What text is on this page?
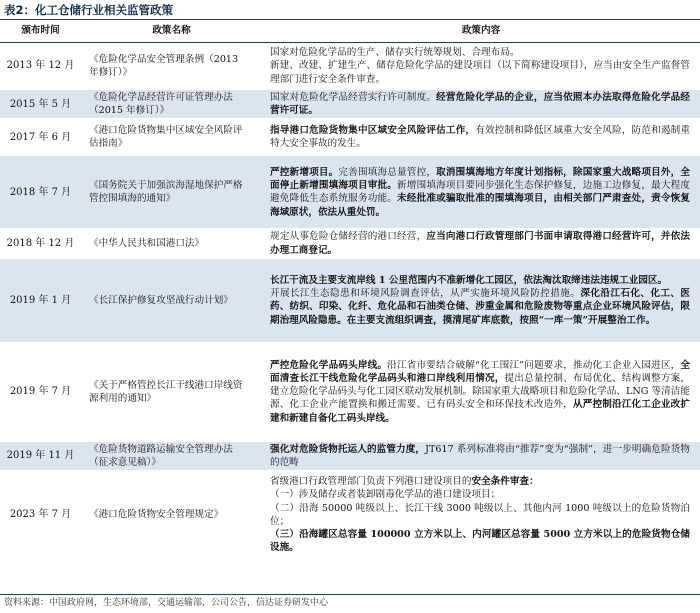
表2：化工仓储行业相关监管政策
颁布时间	政策名称	政策内容
2013 年 12 月	《危险化学品安全管理条例（2013 年修订）》	国家对危险化学品的生产、储存实行统筹规划、合理布局。

新建、改建、扩建生产、储存危险化学品的建设项目（以下简称建设项目），应当由安全生产监督管理部门进行安全条件审查。

2015 年 5 月	《危险化学品经营许可证管理办法（2015 年修订）》	国家对危险化学品经营实行许可制度。经营危险化学品的企业，应当依照本办法取得危险化学品经营许可证。

2017 年 6 月	《港口危险货物集中区域安全风险评估指南》	指导港口危险货物集中区域安全风险评估工作，有效控制和降低区域重大安全风险，防范和遏制重特大安全事故的发生。

2018 年 7 月	《国务院关于加强滨海湿地保护严格管控围填海的通知》	严控新增项目。完善围填海总量管控，取消围填海地方年度计划指标，除国家重大战略项目外，全面停止新增围填海项目审批。新增围填海项目要同步强化生态保护修复，边施工边修复，最大程度避免降低生态系统服务功能。未经批准或骗取批准的围填海项目，由相关部门严肃查处，责令恢复海域原状，依法从重处罚。

2018 年 12 月	《中华人民共和国港口法》	规定从事危险仓储经营的港口经营，应当向港口行政管理部门书面申请取得港口经营许可，并依法办理工商登记。

2019 年 1 月	《长江保护修复攻坚战行动计划》	长江干流及主要支流岸线 1 公里范围内不准新增化工园区，依法淘汰取缔违法违规工业园区。

开展长江生态隐患和环境风险调查评估，从严实施环境风险防控措施。深化沿江石化、化工、医药、纺织、印染、化纤、危化品和石油类仓储、涉重金属和危险废物等重点企业环境风险评估，限期治理风险隐患。在主要支流组织调查，摸清尾矿库底数，按照“一库一策”开展整治工作。

2019 年 7 月	《关于严格管控长江干线港口岸线资源利用的通知》	严控危险化学品码头岸线。沿江省市要结合破解“化工围江”问题要求，推动化工企业入园进区，全面清查长江干线危险化学品码头和港口岸线利用情况，提出总量控制、布局优化、结构调整方案，建立危险化学品码头与化工园区联动发展机制。除国家重大战略项目和危险化学品、LNG 等清洁能源、化工企业产能置换和搬迁需要、已有码头安全和环保技术改造外，从严控制沿江化工企业改扩建和新建自备化工码头岸线。

2019 年 11 月	《危险货物道路运输安全管理办法（征求意见稿）》	强化对危险货物托运人的监管力度，JT617 系列标准将由“推荐”变为“强制”，进一步明确危险货物的范畴

2023 年 7 月	《港口危险货物安全管理规定》	省级港口行政管理部门负责下列港口建设项目的安全条件审查：

（一）涉及储存或者装卸剧毒化学品的港口建设项目；

（二）沿海 50000 吨级以上、长江干线 3000 吨级以上、其他内河 1000 吨级以上的危险货物泊位；

（三）沿海罐区总容量 100000 立方米以上、内河罐区总容量 5000 立方米以上的危险货物仓储设施。

资料来源：中国政府网，生态环境部，交通运输部，公司公告，信达证券研发中心
